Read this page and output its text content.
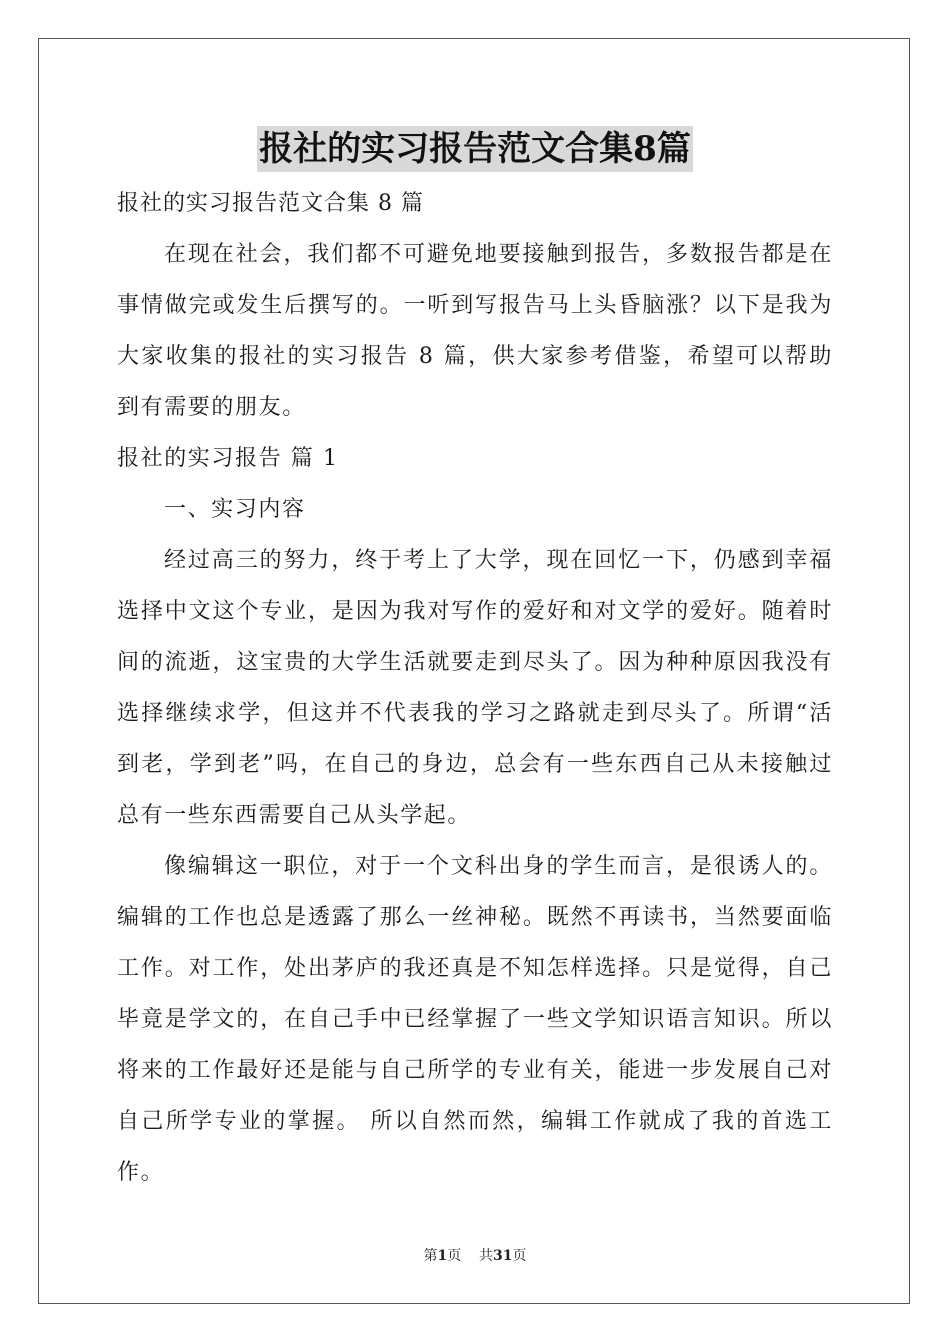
报社的实习报告范文合集8篇

报社的实习报告范文合集 8 篇

在现在社会，我们都不可避免地要接触到报告，多数报告都是在事情做完或发生后撰写的。一听到写报告马上头昏脑涨？以下是我为大家收集的报社的实习报告 8 篇，供大家参考借鉴，希望可以帮助到有需要的朋友。

报社的实习报告 篇 1

一、实习内容

经过高三的努力，终于考上了大学，现在回忆一下，仍感到幸福选择中文这个专业，是因为我对写作的爱好和对文学的爱好。随着时间的流逝，这宝贵的大学生活就要走到尽头了。因为种种原因我没有选择继续求学，但这并不代表我的学习之路就走到尽头了。所谓“活到老，学到老”吗，在自己的身边，总会有一些东西自己从未接触过总有一些东西需要自己从头学起。

像编辑这一职位，对于一个文科出身的学生而言，是很诱人的。编辑的工作也总是透露了那么一丝神秘。既然不再读书，当然要面临工作。对工作，处出茅庐的我还真是不知怎样选择。只是觉得，自己毕竟是学文的，在自己手中已经掌握了一些文学知识语言知识。所以将来的工作最好还是能与自己所学的专业有关，能进一步发展自己对自己所学专业的掌握。 所以自然而然，编辑工作就成了我的首选工作。

第1页 共31页
